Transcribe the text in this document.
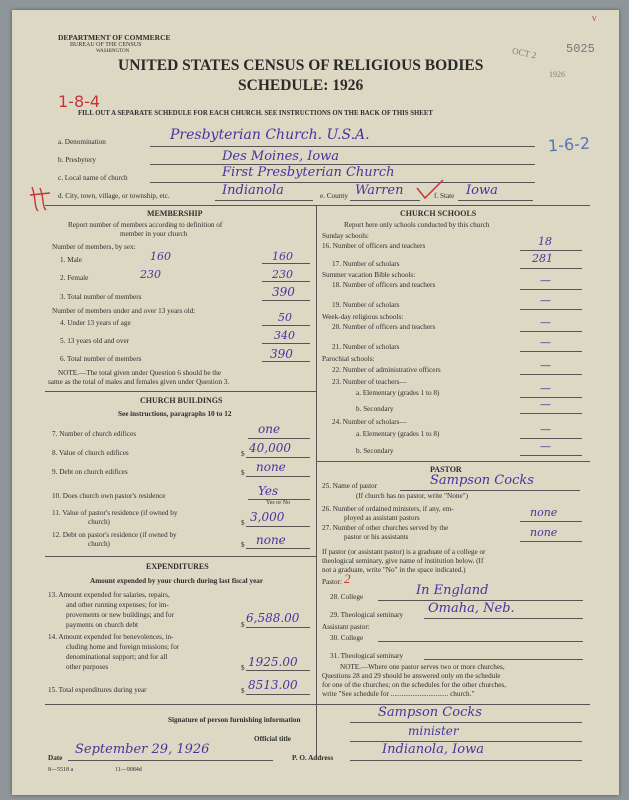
DEPARTMENT OF COMMERCE
BUREAU OF THE CENSUS
WASHINGTON
UNITED STATES CENSUS OF RELIGIOUS BODIES
SCHEDULE: 1926
FILL OUT A SEPARATE SCHEDULE FOR EACH CHURCH. SEE INSTRUCTIONS ON THE BACK OF THIS SHEET
5025
OCT 2
1926
1-8-4
1-6-2
v
a. Denomination	Presbyterian Church. U.S.A.
b. Presbytery	Des Moines, Iowa
c. Local name of church	First Presbyterian Church
d. City, town, village, or township, etc.	Indianola	e. County Warren	f. State Iowa
MEMBERSHIP
Report number of members according to definition of
member in your church
Number of members, by sex:
1. Male	160	160
2. Female	230	230
3. Total number of members	390
Number of members under and over 13 years old:
4. Under 13 years of age	50
5. 13 years old and over	340
6. Total number of members	390
NOTE.—The total given under Question 6 should be the
same as the total of males and females given under Question 3.
CHURCH BUILDINGS
See instructions, paragraphs 10 to 12
7. Number of church edifices	one
8. Value of church edifices	$ 40,000
9. Debt on church edifices	$ none
10. Does church own pastor's residence	Yes
Yes or No
11. Value of pastor's residence (if owned by
church)	$ 3,000
12. Debt on pastor's residence (if owned by
church)	$ none
EXPENDITURES
Amount expended by your church during last fiscal year
13. Amount expended for salaries, repairs,
and other running expenses; for im-
provements or new buildings; and for
payments on church debt	$ 6,588.00
14. Amount expended for benevolences, in-
cluding home and foreign missions; for
denominational support; and for all
other purposes	$ 1925.00
15. Total expenditures during year	$ 8513.00
CHURCH SCHOOLS
Report here only schools conducted by this church
Sunday schools:
16. Number of officers and teachers	18
17. Number of scholars	281
Summer vacation Bible schools:
18. Number of officers and teachers	—
19. Number of scholars	—
Week-day religious schools:
20. Number of officers and teachers	—
21. Number of scholars	—
Parochial schools:
22. Number of administrative officers	—
23. Number of teachers—
a. Elementary (grades 1 to 8)	—
b. Secondary	—
24. Number of scholars—
a. Elementary (grades 1 to 8)	—
b. Secondary	—
PASTOR
25. Name of pastor	Sampson Cocks
(If church has no pastor, write "None")
26. Number of ordained ministers, if any, em-
ployed as assistant pastors	none
27. Number of other churches served by the
pastor or his assistants	none
If pastor (or assistant pastor) is a graduate of a college or
theological seminary, give name of institution below. (If
not a graduate, write "No" in the space indicated.)
Pastor: 2
28. College	In England
29. Theological seminary Omaha, Neb.
Assistant pastor:
30. College
31. Theological seminary
NOTE.—Where one pastor serves two or more churches,
Questions 28 and 29 should be answered only on the schedule
for one of the churches; on the schedules for the other churches,
write "See schedule for ................................ church."
Signature of person furnishing information	Sampson Cocks
Official title
minister
Date
September 29, 1926
P. O. Address
Indianola, Iowa
8—5518 a	11—9084d
